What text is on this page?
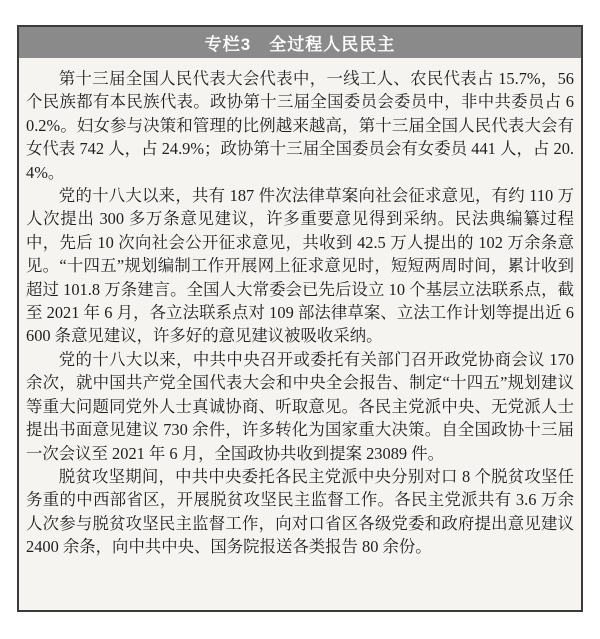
专栏3　全过程人民民主

第十三届全国人民代表大会代表中，一线工人、农民代表占 15.7%，56 个民族都有本民族代表。政协第十三届全国委员会委员中，非中共委员占 60.2%。妇女参与决策和管理的比例越来越高，第十三届全国人民代表大会有女代表 742 人，占 24.9%；政协第十三届全国委员会有女委员 441 人，占 20.4%。

党的十八大以来，共有 187 件次法律草案向社会征求意见，有约 110 万人次提出 300 多万条意见建议，许多重要意见得到采纳。民法典编纂过程中，先后 10 次向社会公开征求意见，共收到 42.5 万人提出的 102 万余条意见。“十四五”规划编制工作开展网上征求意见时，短短两周时间，累计收到超过 101.8 万条建言。全国人大常委会已先后设立 10 个基层立法联系点，截至 2021 年 6 月，各立法联系点对 109 部法律草案、立法工作计划等提出近 6600 条意见建议，许多好的意见建议被吸收采纳。

党的十八大以来，中共中央召开或委托有关部门召开政党协商会议 170 余次，就中国共产党全国代表大会和中央全会报告、制定“十四五”规划建议等重大问题同党外人士真诚协商、听取意见。各民主党派中央、无党派人士提出书面意见建议 730 余件，许多转化为国家重大决策。自全国政协十三届一次会议至 2021 年 6 月，全国政协共收到提案 23089 件。

脱贫攻坚期间，中共中央委托各民主党派中央分别对口 8 个脱贫攻坚任务重的中西部省区，开展脱贫攻坚民主监督工作。各民主党派共有 3.6 万余人次参与脱贫攻坚民主监督工作，向对口省区各级党委和政府提出意见建议 2400 余条，向中共中央、国务院报送各类报告 80 余份。
